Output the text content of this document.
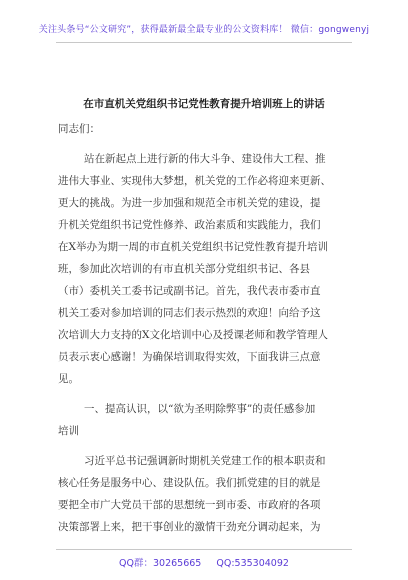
关注头条号“公文研究”，获得最新最全最专业的公文资料库！ 微信：gongwenyj
在市直机关党组织书记党性教育提升培训班上的讲话
同志们：
站在新起点上进行新的伟大斗争、建设伟大工程、推
进伟大事业、实现伟大梦想，机关党的工作必将迎来更新、
更大的挑战。为进一步加强和规范全市机关党的建设，提
升机关党组织书记党性修养、政治素质和实践能力，我们
在X举办为期一周的市直机关党组织书记党性教育提升培训
班，参加此次培训的有市直机关部分党组织书记、各县
（市）委机关工委书记或副书记。首先，我代表市委市直
机关工委对参加培训的同志们表示热烈的欢迎！向给予这
次培训大力支持的X文化培训中心及授课老师和教学管理人
员表示衷心感谢！为确保培训取得实效，下面我讲三点意
见。
一、提高认识，以“欲为圣明除弊事”的责任感参加
培训
习近平总书记强调新时期机关党建工作的根本职责和
核心任务是服务中心、建设队伍。我们抓党建的目的就是
要把全市广大党员干部的思想统一到市委、市政府的各项
决策部署上来，把干事创业的激情干劲充分调动起来，为
QQ群：30265665 QQ:535304092
